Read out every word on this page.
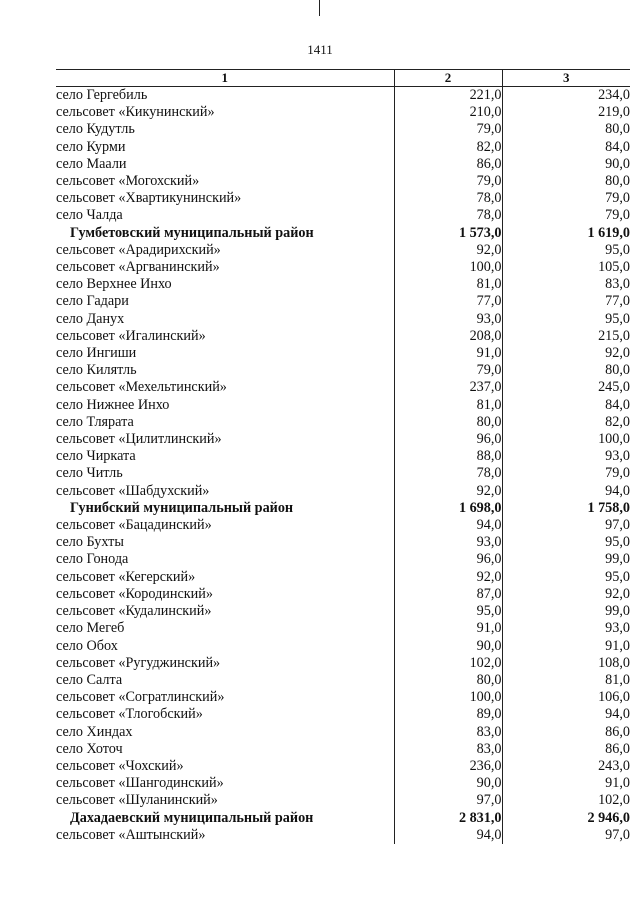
1411
1	2	3
село Гергебиль	221,0	234,0
сельсовет «Кикунинский»	210,0	219,0
село Кудутль	79,0	80,0
село Курми	82,0	84,0
село Маали	86,0	90,0
сельсовет «Могохский»	79,0	80,0
сельсовет «Хвартикунинский»	78,0	79,0
село Чалда	78,0	79,0
Гумбетовский муниципальный район	1 573,0	1 619,0
сельсовет «Арадирихский»	92,0	95,0
сельсовет «Аргванинский»	100,0	105,0
село Верхнее Инхо	81,0	83,0
село Гадари	77,0	77,0
село Данух	93,0	95,0
сельсовет «Игалинский»	208,0	215,0
село Ингиши	91,0	92,0
село Килятль	79,0	80,0
сельсовет «Мехельтинский»	237,0	245,0
село Нижнее Инхо	81,0	84,0
село Тлярата	80,0	82,0
сельсовет «Цилитлинский»	96,0	100,0
село Чирката	88,0	93,0
село Читль	78,0	79,0
сельсовет «Шабдухский»	92,0	94,0
Гунибский муниципальный район	1 698,0	1 758,0
сельсовет «Бацадинский»	94,0	97,0
село Бухты	93,0	95,0
село Гонода	96,0	99,0
сельсовет «Кегерский»	92,0	95,0
сельсовет «Кородинский»	87,0	92,0
сельсовет «Кудалинский»	95,0	99,0
село Мегеб	91,0	93,0
село Обох	90,0	91,0
сельсовет «Ругуджинский»	102,0	108,0
село Салта	80,0	81,0
сельсовет «Согратлинский»	100,0	106,0
сельсовет «Тлогобский»	89,0	94,0
село Хиндах	83,0	86,0
село Хоточ	83,0	86,0
сельсовет «Чохский»	236,0	243,0
сельсовет «Шангодинский»	90,0	91,0
сельсовет «Шуланинский»	97,0	102,0
Дахадаевский муниципальный район	2 831,0	2 946,0
сельсовет «Аштынский»	94,0	97,0
